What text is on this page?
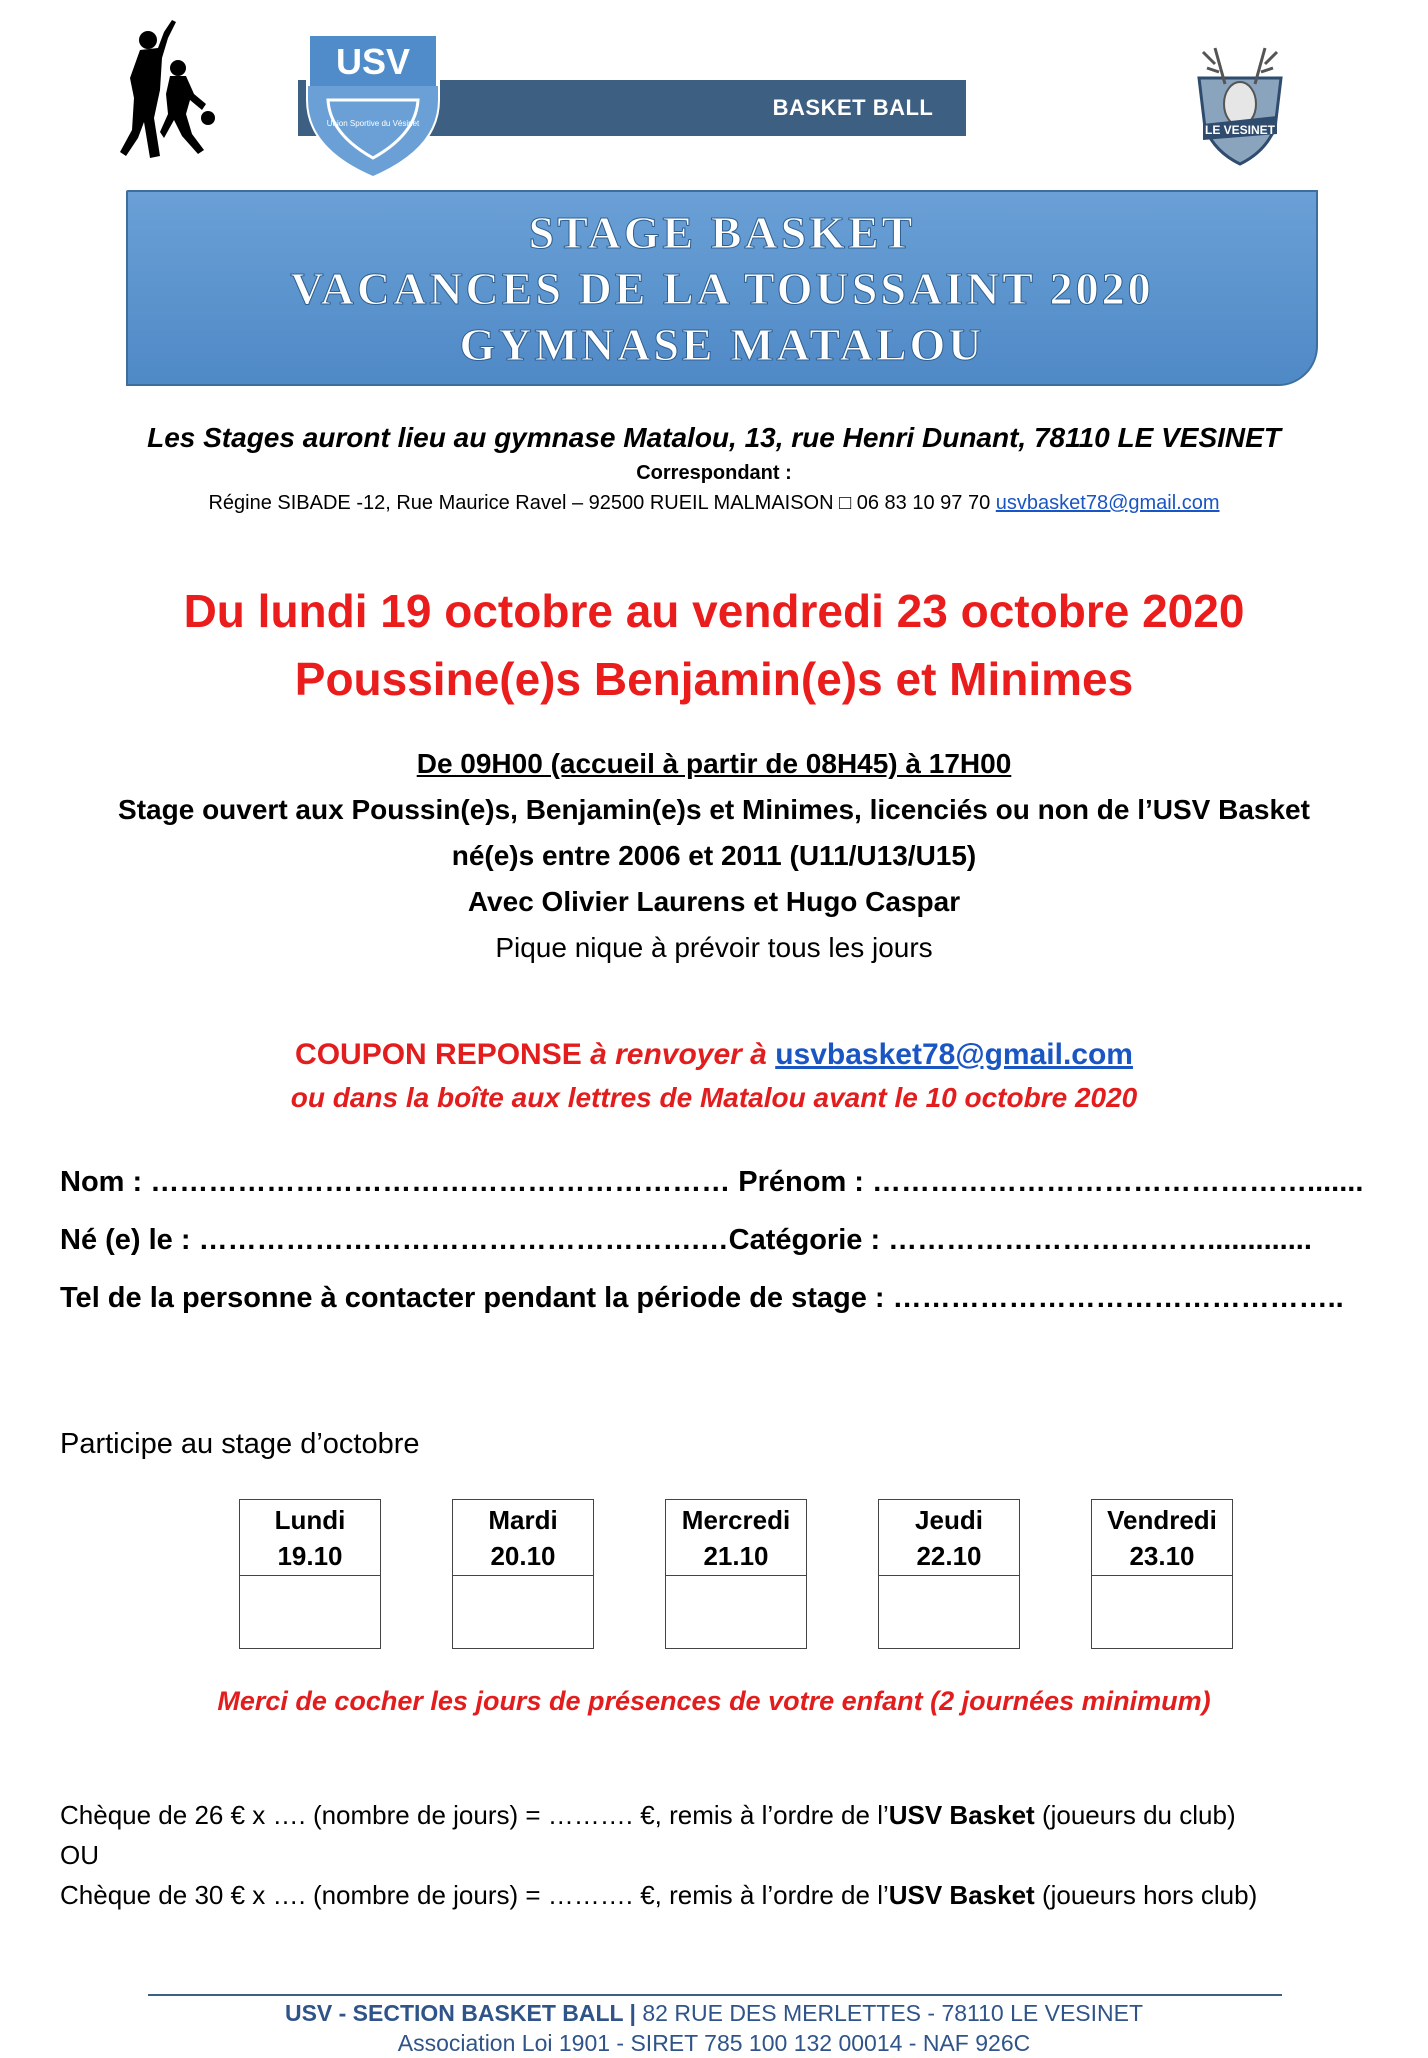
BASKET BALL
USV
Union Sportive du Vésinet	LE VESINET
STAGE BASKET
VACANCES DE LA TOUSSAINT 2020
GYMNASE MATALOU
Les Stages auront lieu au gymnase Matalou, 13, rue Henri Dunant, 78110 LE VESINET
Correspondant :
Régine SIBADE -12, Rue Maurice Ravel – 92500 RUEIL MALMAISON □ 06 83 10 97 70 usvbasket78@gmail.com
Du lundi 19 octobre au vendredi 23 octobre 2020
Poussine(e)s Benjamin(e)s et Minimes
De 09H00 (accueil à partir de 08H45) à 17H00
Stage ouvert aux Poussin(e)s, Benjamin(e)s et Minimes, licenciés ou non de l’USV Basket
né(e)s entre 2006 et 2011 (U11/U13/U15)
Avec Olivier Laurens et Hugo Caspar
Pique nique à prévoir tous les jours
COUPON REPONSE à renvoyer à usvbasket78@gmail.com
ou dans la boîte aux lettres de Matalou avant le 10 octobre 2020
Nom : …………………………………………………… Prénom : ……………………………………….......
Né (e) le : …………………………………………….…Catégorie : …………………………….............
Tel de la personne à contacter pendant la période de stage : ………………………………………..
Participe au stage d’octobre
Lundi
19.10
Mardi
20.10
Mercredi
21.10
Jeudi
22.10
Vendredi
23.10
Merci de cocher les jours de présences de votre enfant (2 journées minimum)
Chèque de 26 € x …. (nombre de jours) = ………. €, remis à l’ordre de l’USV Basket (joueurs du club)
OU
Chèque de 30 € x …. (nombre de jours) = ………. €, remis à l’ordre de l’USV Basket (joueurs hors club)
USV - SECTION BASKET BALL | 82 RUE DES MERLETTES - 78110 LE VESINET
Association Loi 1901 - SIRET 785 100 132 00014 - NAF 926C
